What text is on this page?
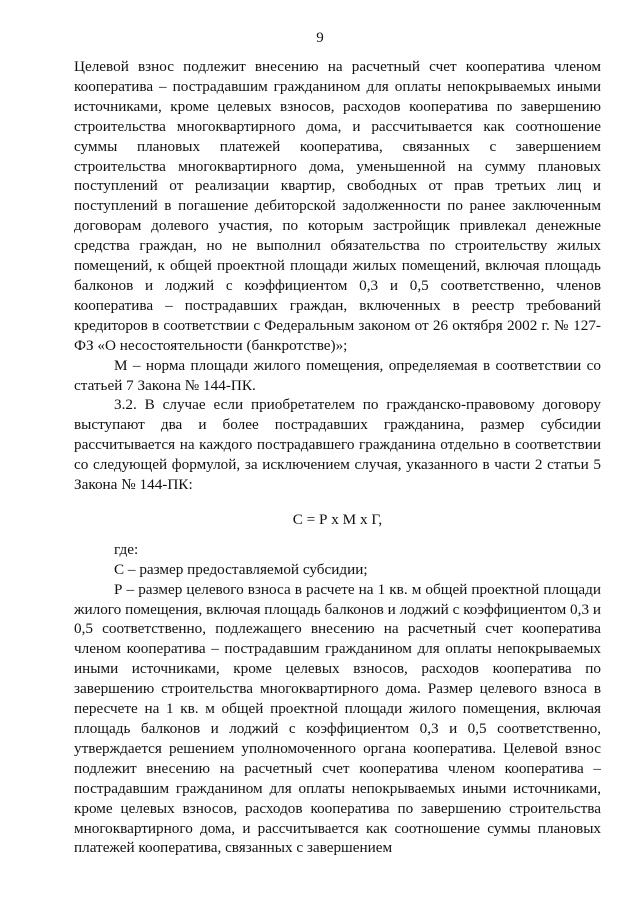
9

Целевой взнос подлежит внесению на расчетный счет кооператива членом кооператива – пострадавшим гражданином для оплаты непокрываемых иными источниками, кроме целевых взносов, расходов кооператива по завершению строительства многоквартирного дома, и рассчитывается как соотношение суммы плановых платежей кооператива, связанных с завершением строительства многоквартирного дома, уменьшенной на сумму плановых поступлений от реализации квартир, свободных от прав третьих лиц и поступлений в погашение дебиторской задолженности по ранее заключенным договорам долевого участия, по которым застройщик привлекал денежные средства граждан, но не выполнил обязательства по строительству жилых помещений, к общей проектной площади жилых помещений, включая площадь балконов и лоджий с коэффициентом 0,3 и 0,5 соответственно, членов кооператива – пострадавших граждан, включенных в реестр требований кредиторов в соответствии с Федеральным законом от 26 октября 2002 г. № 127-ФЗ «О несостоятельности (банкротстве)»;

М – норма площади жилого помещения, определяемая в соответствии со статьей 7 Закона № 144-ПК.

3.2. В случае если приобретателем по гражданско-правовому договору выступают два и более пострадавших гражданина, размер субсидии рассчитывается на каждого пострадавшего гражданина отдельно в соответствии со следующей формулой, за исключением случая, указанного в части 2 статьи 5 Закона № 144-ПК:

С = Р х М х Г,

где:

С – размер предоставляемой субсидии;

Р – размер целевого взноса в расчете на 1 кв. м общей проектной площади жилого помещения, включая площадь балконов и лоджий с коэффициентом 0,3 и 0,5 соответственно, подлежащего внесению на расчетный счет кооператива членом кооператива – пострадавшим гражданином для оплаты непокрываемых иными источниками, кроме целевых взносов, расходов кооператива по завершению строительства многоквартирного дома. Размер целевого взноса в пересчете на 1 кв. м общей проектной площади жилого помещения, включая площадь балконов и лоджий с коэффициентом 0,3 и 0,5 соответственно, утверждается решением уполномоченного органа кооператива. Целевой взнос подлежит внесению на расчетный счет кооператива членом кооператива – пострадавшим гражданином для оплаты непокрываемых иными источниками, кроме целевых взносов, расходов кооператива по завершению строительства многоквартирного дома, и рассчитывается как соотношение суммы плановых платежей кооператива, связанных с завершением
